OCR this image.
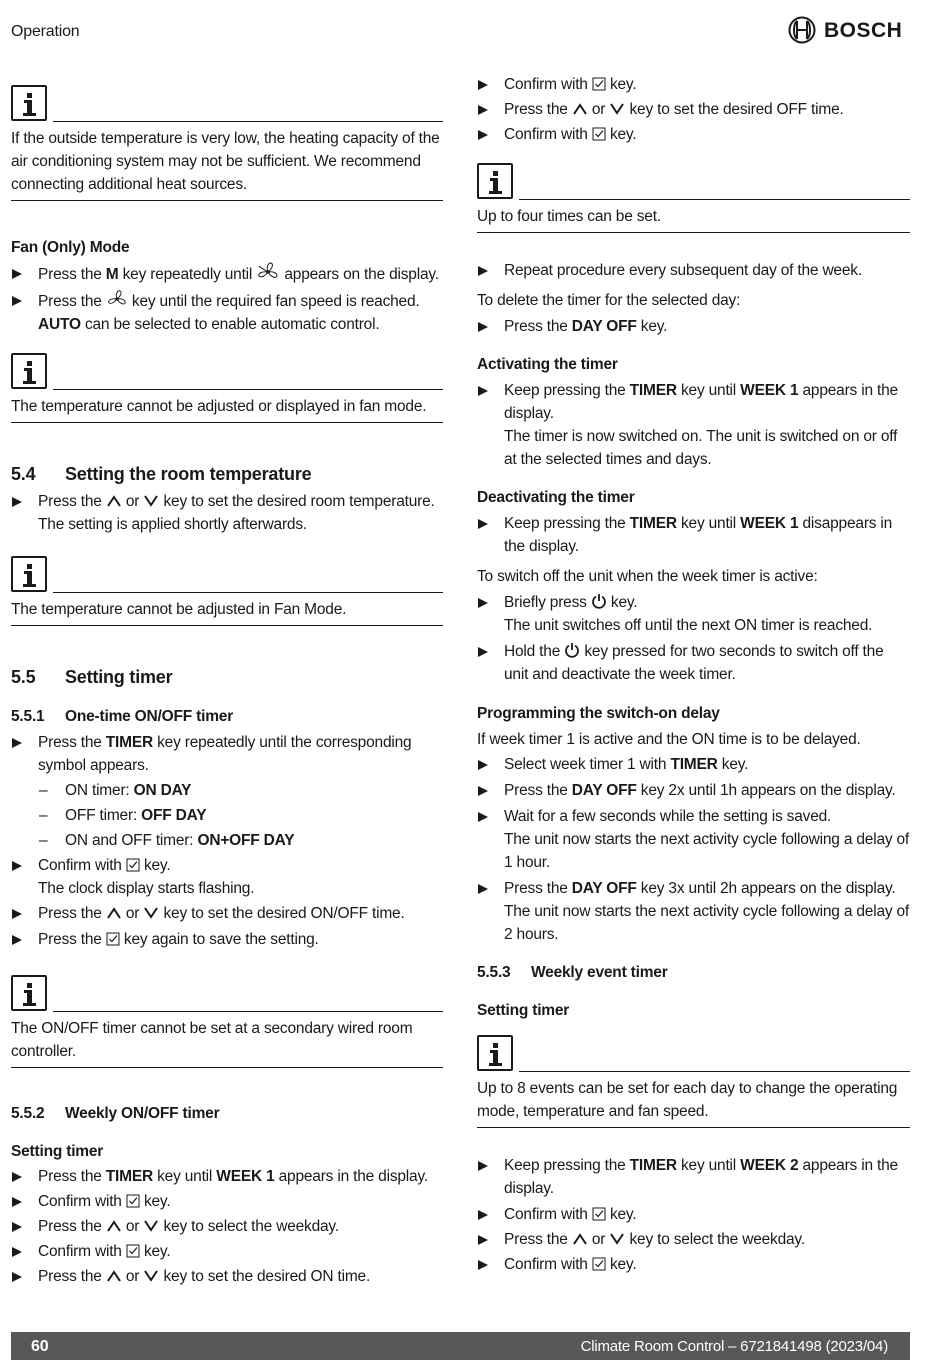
Operation	BOSCH
If the outside temperature is very low, the heating capacity of the air conditioning system may not be sufficient. We recommend connecting additional heat sources.
Fan (Only) Mode
Press the M key repeatedly until  appears on the display.
Press the  key until the required fan speed is reached. AUTO can be selected to enable automatic control.
The temperature cannot be adjusted or displayed in fan mode.
5.4 Setting the room temperature
Press the  or  key to set the desired room temperature. The setting is applied shortly afterwards.
The temperature cannot be adjusted in Fan Mode.
5.5 Setting timer
5.5.1 One-time ON/OFF timer
Press the TIMER key repeatedly until the corresponding symbol appears.
– ON timer: ON DAY
– OFF timer: OFF DAY
– ON and OFF timer: ON+OFF DAY
Confirm with  key.
The clock display starts flashing.
Press the  or  key to set the desired ON/OFF time.
Press the  key again to save the setting.
The ON/OFF timer cannot be set at a secondary wired room controller.
5.5.2 Weekly ON/OFF timer
Setting timer
Press the TIMER key until WEEK 1 appears in the display.
Confirm with  key.
Press the  or  key to select the weekday.
Confirm with  key.
Press the  or  key to set the desired ON time.
Confirm with  key.
Press the  or  key to set the desired OFF time.
Confirm with  key.
Up to four times can be set.
Repeat procedure every subsequent day of the week.
To delete the timer for the selected day:
Press the DAY OFF key.
Activating the timer
Keep pressing the TIMER key until WEEK 1 appears in the display.
The timer is now switched on. The unit is switched on or off at the selected times and days.
Deactivating the timer
Keep pressing the TIMER key until WEEK 1 disappears in the display.
To switch off the unit when the week timer is active:
Briefly press  key.
The unit switches off until the next ON timer is reached.
Hold the  key pressed for two seconds to switch off the unit and deactivate the week timer.
Programming the switch-on delay
If week timer 1 is active and the ON time is to be delayed.
Select week timer 1 with TIMER key.
Press the DAY OFF key 2x until 1h appears on the display.
Wait for a few seconds while the setting is saved.
The unit now starts the next activity cycle following a delay of 1 hour.
Press the DAY OFF key 3x until 2h appears on the display.
The unit now starts the next activity cycle following a delay of 2 hours.
5.5.3 Weekly event timer
Setting timer
Up to 8 events can be set for each day to change the operating mode, temperature and fan speed.
Keep pressing the TIMER key until WEEK 2 appears in the display.
Confirm with  key.
Press the  or  key to select the weekday.
Confirm with  key.
60	Climate Room Control – 6721841498 (2023/04)
